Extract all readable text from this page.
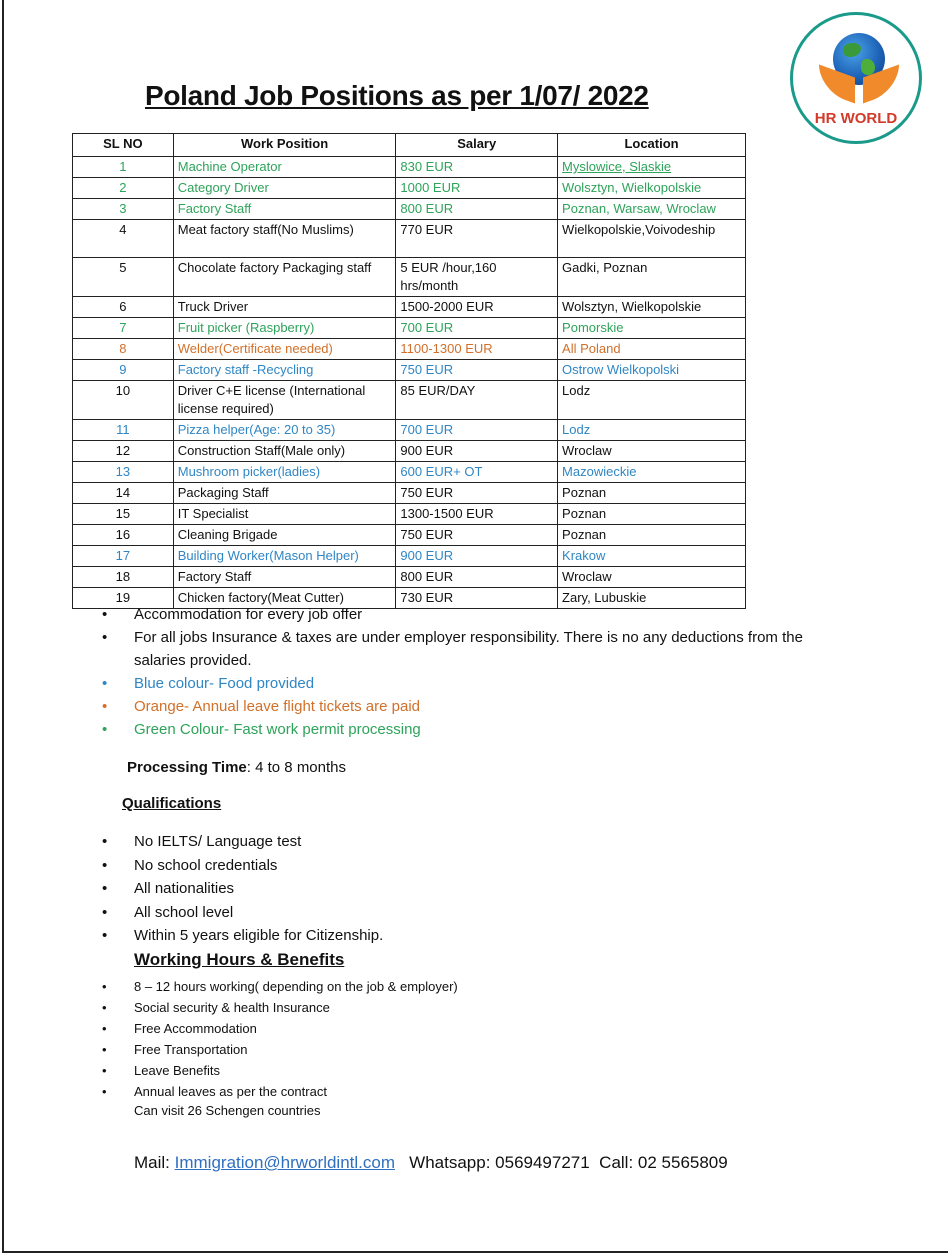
Poland Job Positions as per 1/07/ 2022
HR WORLD
SL NO	Work Position	Salary	Location
1	Machine Operator	830 EUR	Myslowice, Slaskie
2	Category Driver	1000 EUR	Wolsztyn, Wielkopolskie
3	Factory Staff	800 EUR	Poznan, Warsaw, Wroclaw
4	Meat factory staff(No Muslims)	770 EUR	Wielkopolskie,Voivodeship
5	Chocolate factory Packaging staff	5 EUR /hour,160 hrs/month	Gadki, Poznan
6	Truck Driver	1500-2000 EUR	Wolsztyn, Wielkopolskie
7	Fruit picker (Raspberry)	700 EUR	Pomorskie
8	Welder(Certificate needed)	1100-1300 EUR	All Poland
9	Factory staff -Recycling	750 EUR	Ostrow Wielkopolski
10	Driver C+E license (International license required)	85 EUR/DAY	Lodz
11	Pizza helper(Age: 20 to 35)	700 EUR	Lodz
12	Construction Staff(Male only)	900 EUR	Wroclaw
13	Mushroom picker(ladies)	600 EUR+ OT	Mazowieckie
14	Packaging Staff	750 EUR	Poznan
15	IT Specialist	1300-1500 EUR	Poznan
16	Cleaning Brigade	750 EUR	Poznan
17	Building Worker(Mason Helper)	900 EUR	Krakow
18	Factory Staff	800 EUR	Wroclaw
19	Chicken factory(Meat Cutter)	730 EUR	Zary, Lubuskie
• Accommodation for every job offer
• For all jobs Insurance & taxes are under employer responsibility. There is no any deductions from the salaries provided.
• Blue colour- Food provided
• Orange- Annual leave flight tickets are paid
• Green Colour- Fast work permit processing
Processing Time: 4 to 8 months
Qualifications
• No IELTS/ Language test
• No school credentials
• All nationalities
• All school level
• Within 5 years eligible for Citizenship.
Working Hours & Benefits
• 8 – 12 hours working( depending on the job & employer)
• Social security & health Insurance
• Free Accommodation
• Free Transportation
• Leave Benefits
• Annual leaves as per the contract
Can visit 26 Schengen countries
Mail: Immigration@hrworldintl.com Whatsapp: 0569497271 Call: 02 5565809
